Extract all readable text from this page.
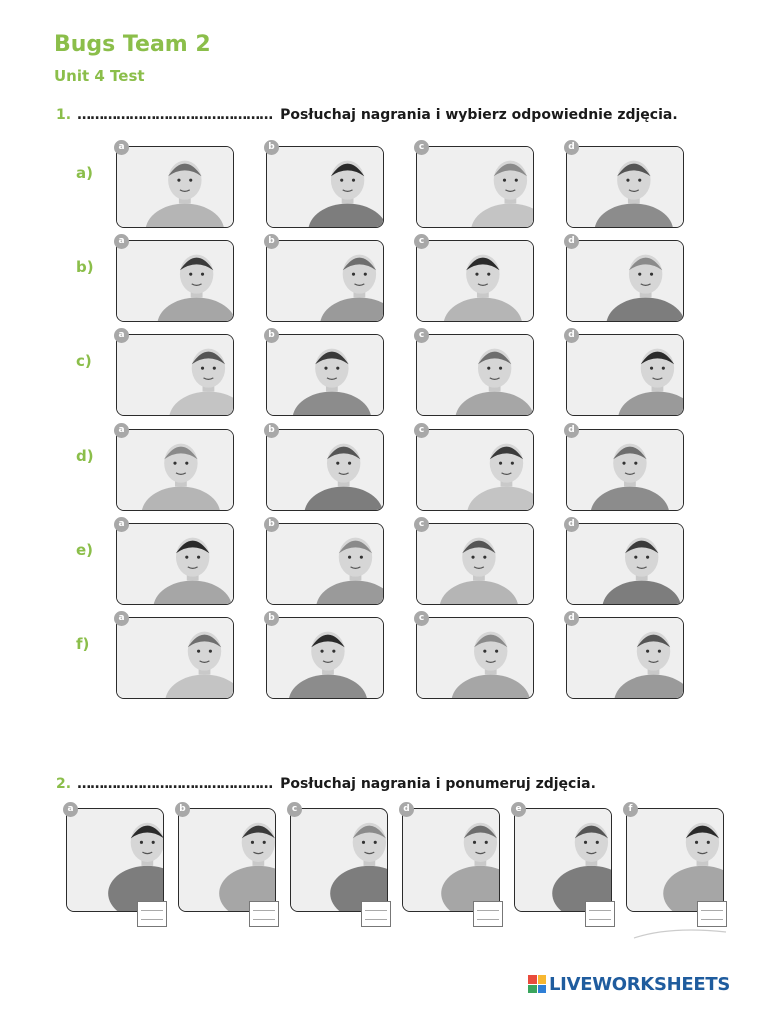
Bugs Team 2
Unit 4 Test
1. ……………………………………… Posłuchaj nagrania i wybierz odpowiednie zdjęcia.
a)
a	b	c	d
b)
a	b	c	d
c)
a	b	c	d
d)
a	b	c	d
e)
a	b	c	d
f)
a	b	c	d
2. ……………………………………… Posłuchaj nagrania i ponumeruj zdjęcia.
a	b	c	d	e	f
LIVEWORKSHEETS
